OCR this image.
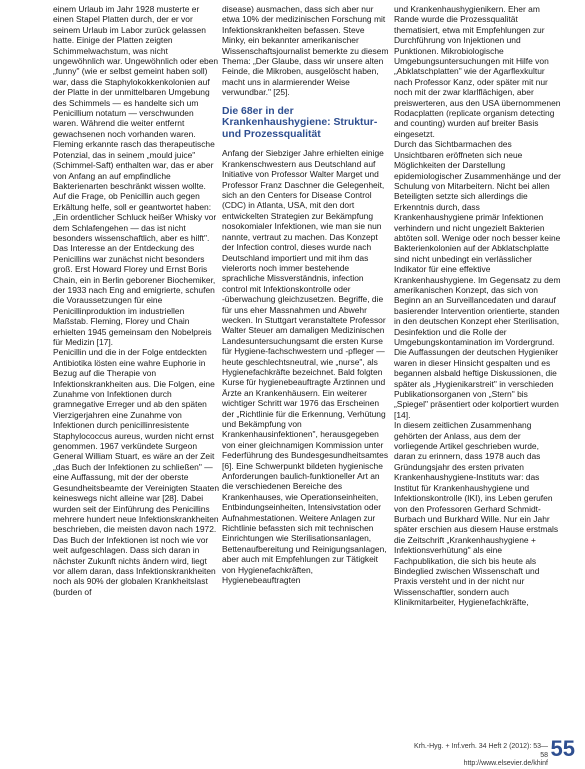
einem Urlaub im Jahr 1928 musterte er einen Stapel Platten durch, der er vor seinem Urlaub im Labor zurück gelassen hatte. Einige der Platten zeigten Schimmelwachstum, was nicht ungewöhnlich war. Ungewöhnlich oder eben „funny" (wie er selbst gemeint haben soll) war, dass die Staphylokokkenkolonien auf der Platte in der unmittelbaren Umgebung des Schimmels — es handelte sich um Penicillium notatum — verschwunden waren. Während die weiter entfernt gewachsenen noch vorhanden waren. Fleming erkannte rasch das therapeutische Potenzial, das in seinem „mould juice" (Schimmel-Saft) enthalten war, das er aber von Anfang an auf empfindliche Bakterienarten beschränkt wissen wollte. Auf die Frage, ob Penicillin auch gegen Erkältung helfe, soll er geantwortet haben: „Ein ordentlicher Schluck heißer Whisky vor dem Schlafengehen — das ist nicht besonders wissenschaftlich, aber es hilft". Das Interesse an der Entdeckung des Penicillins war zunächst nicht besonders groß. Erst Howard Florey und Ernst Boris Chain, ein in Berlin geborener Biochemiker, der 1933 nach Eng and emigrierte, schufen die Voraussetzungen für eine Penicillinproduktion im industriellen Maßstab. Fleming, Florey und Chain erhielten 1945 gemeinsam den Nobelpreis für Medizin [17].

Penicillin und die in der Folge entdeckten Antibiotika lösten eine wahre Euphorie in Bezug auf die Therapie von Infektionskrankheiten aus. Die Folgen, eine Zunahme von Infektionen durch gramnegative Erreger und ab den späten Vierzigerjahren eine Zunahme von Infektionen durch penicillinresistente Staphylococcus aureus, wurden nicht ernst genommen. 1967 verkündete Surgeon General William Stuart, es wäre an der Zeit „das Buch der Infektionen zu schließen" — eine Auffassung, mit der der oberste Gesundheitsbeamte der Vereinigten Staaten keineswegs nicht alleine war [28]. Dabei wurden seit der Einführung des Penicillins mehrere hundert neue Infektionskrankheiten beschrieben, die meisten davon nach 1972. Das Buch der Infektionen ist noch wie vor weit aufgeschlagen. Dass sich daran in nächster Zukunft nichts ändern wird, liegt vor allem daran, dass Infektionskrankheiten noch als 90% der globalen Krankheitslast (burden of

disease) ausmachen, dass sich aber nur etwa 10% der medizinischen Forschung mit Infektionskrankheiten befassen. Steve Minky, ein bekannter amerikanischer Wissenschaftsjournalist bemerkte zu diesem Thema: „Der Glaube, dass wir unsere alten Feinde, die Mikroben, ausgelöscht haben, macht uns in alarmierender Weise verwundbar." [25].

Die 68er in der Krankenhaushygiene: Struktur- und Prozessqualität

Anfang der Siebziger Jahre erhielten einige Krankenschwestern aus Deutschland auf Initiative von Professor Walter Marget und Professor Franz Daschner die Gelegenheit, sich an den Centers for Disease Control (CDC) in Atlanta, USA, mit den dort entwickelten Strategien zur Bekämpfung nosokomialer Infektionen, wie man sie nun nannte, vertraut zu machen. Das Konzept der Infection control, dieses wurde nach Deutschland importiert und mit ihm das vielerorts noch immer bestehende sprachliche Missverständnis, infection control mit Infektionskontrolle oder -überwachung gleichzusetzen. Begriffe, die für uns eher Massnahmen und Abwehr wecken. In Stuttgart veranstaltete Professor Walter Steuer am damaligen Medizinischen Landesuntersuchungsamt die ersten Kurse für Hygiene-fachschwestern und -pfleger — heute geschlechtsneutral, wie „nurse", als Hygienefachkräfte bezeichnet. Bald folgten Kurse für hygienebeauftragte Ärztinnen und Ärzte an Krankenhäusern. Ein weiterer wichtiger Schritt war 1976 das Erscheinen der „Richtlinie für die Erkennung, Verhütung und Bekämpfung von Krankenhausinfektionen", herausgegeben von einer gleichnamigen Kommission unter Federführung des Bundesgesundheitsamtes [6]. Eine Schwerpunkt bildeten hygienische Anforderungen baulich-funktioneller Art an die verschiedenen Bereiche des Krankenhauses, wie Operationseinheiten, Entbindungseinheiten, Intensivstation oder Aufnahmestationen. Weitere Anlagen zur Richtlinie befassten sich mit technischen Einrichtungen wie Sterilisationsanlagen, Bettenaufbereitung und Reinigungsanlagen, aber auch mit Empfehlungen zur Tätigkeit von Hygienefachkräften, Hygienebeauftragten

und Krankenhaushygienikern. Eher am Rande wurde die Prozessqualität thematisiert, etwa mit Empfehlungen zur Durchführung von Injektionen und Punktionen. Mikrobiologische Umgebungsuntersuchungen mit Hilfe von „Abklatschplatten" wie der Agarflexkultur nach Professor Kanz, oder später mit nur noch mit der zwar klarlflächigen, aber preiswerteren, aus den USA übernommenen Rodacplatten (replicate organism detecting and counting) wurden auf breiter Basis eingesetzt.

Durch das Sichtbarmachen des Unsichtbaren eröffneten sich neue Möglichkeiten der Darstellung epidemiologischer Zusammenhänge und der Schulung von Mitarbeitern. Nicht bei allen Beteiligten setzte sich allerdings die Erkenntnis durch, dass Krankenhaushygiene primär Infektionen verhindern und nicht ungezielt Bakterien abtöten soll. Wenige oder noch besser keine Bakterienkolonien auf der Abklatschplatte sind nicht unbedingt ein verlässlicher Indikator für eine effektive Krankenhaushygiene. Im Gegensatz zu dem amerikanischen Konzept, das sich von Beginn an an Surveillancedaten und darauf basierender Intervention orientierte, standen in den deutschen Konzept eher Sterilisation, Desinfektion und die Rolle der Umgebungskontamination im Vordergrund. Die Auffassungen der deutschen Hygieniker waren in dieser Hinsicht gespalten und es begannen alsbald heftige Diskussionen, die später als „Hygienikarstreit" in verschieden Publikationsorganen von „Stern" bis „Spiegel" präsentiert oder kolportiert wurden [14].

In diesem zeitlichen Zusammenhang gehörten der Anlass, aus dem der vorliegende Artikel geschrieben wurde, daran zu erinnern, dass 1978 auch das Gründungsjahr des ersten privaten Krankenhaushygiene-Instituts war: das Institut für Krankenhaushygiene und Infektionskontrolle (IKI), ins Leben gerufen von den Professoren Gerhard Schmidt-Burbach und Burkhard Wille. Nur ein Jahr später erschien aus diesem Hause erstmals die Zeitschrift „Krankenhaushygiene + Infektionsverhütung" als eine Fachpublikation, die sich bis heute als Bindeglied zwischen Wissenschaft und Praxis versteht und in der nicht nur Wissenschaftler, sondern auch Klinikmitarbeiter, Hygienefachkräfte,

Krh.-Hyg. + Inf.verh. 34 Heft 2 (2012): 53—58
http://www.elsevier.de/khinf
55
